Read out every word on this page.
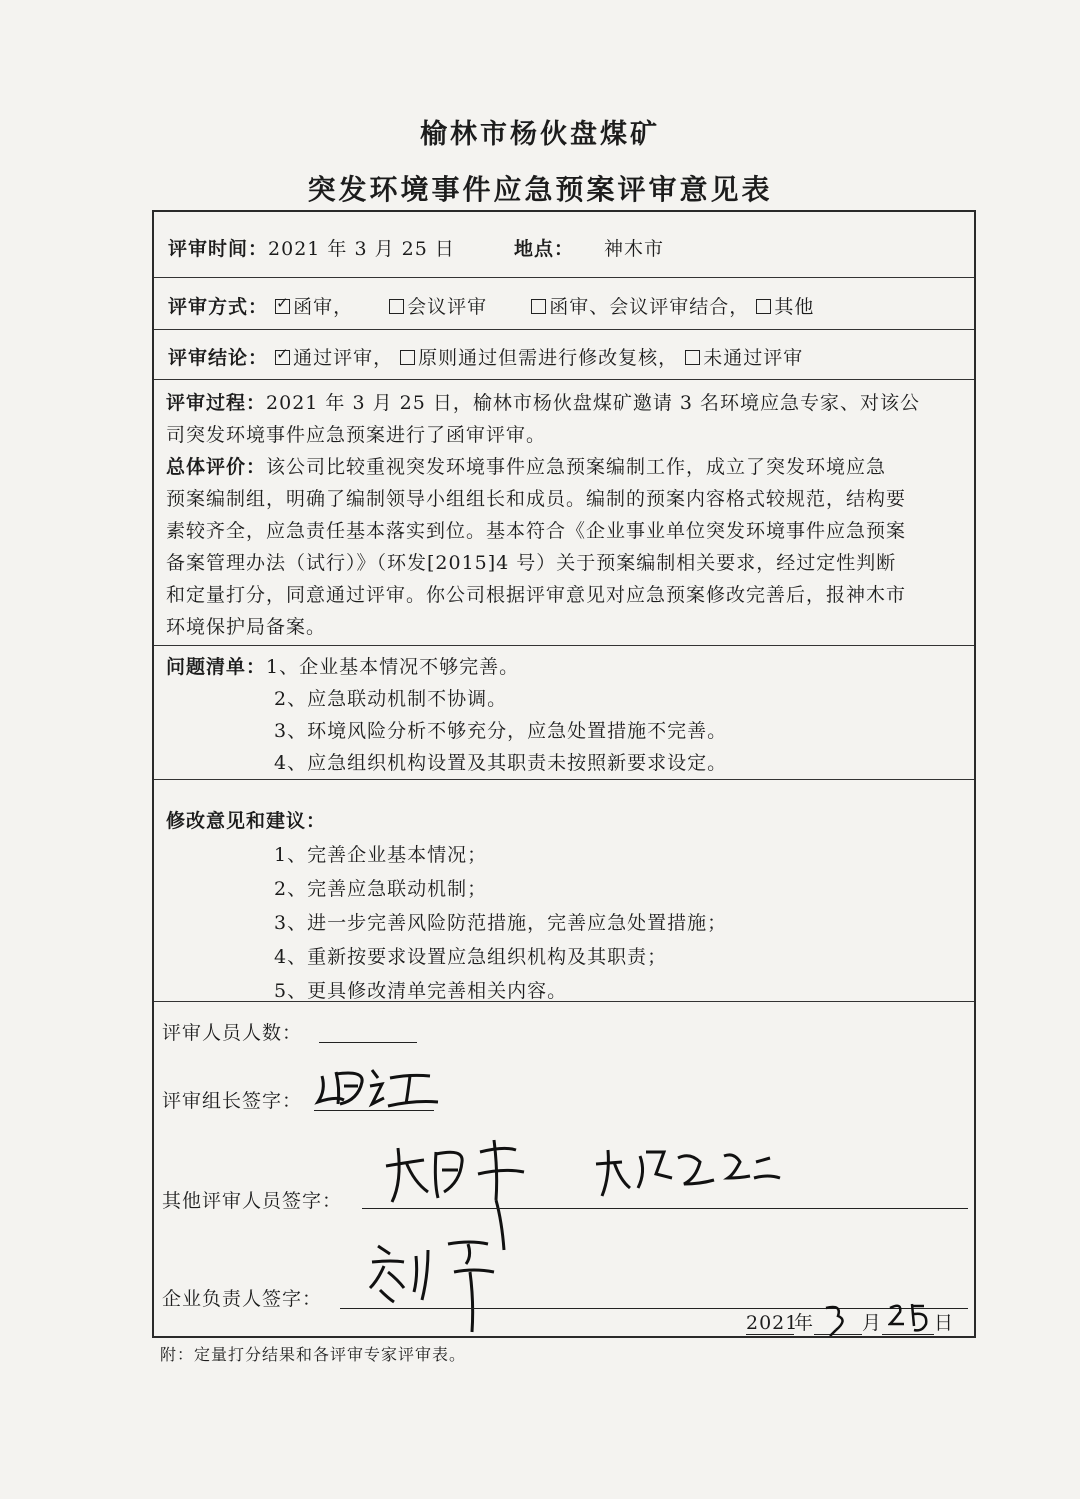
榆林市杨伙盘煤矿
突发环境事件应急预案评审意见表
评审时间：2021 年 3 月 25 日	地点： 神木市
评审方式： ✓ 函审，	会议评审	函审、会议评审结合， 其他
评审结论： ✓ 通过评审， 原则通过但需进行修改复核， 未通过评审
评审过程：2021 年 3 月 25 日，榆林市杨伙盘煤矿邀请 3 名环境应急专家、对该公
司突发环境事件应急预案进行了函审评审。
总体评价：该公司比较重视突发环境事件应急预案编制工作，成立了突发环境应急
预案编制组，明确了编制领导小组组长和成员。编制的预案内容格式较规范，结构要
素较齐全，应急责任基本落实到位。基本符合《企业事业单位突发环境事件应急预案
备案管理办法（试行）》（环发[2015]4 号）关于预案编制相关要求，经过定性判断
和定量打分，同意通过评审。你公司根据评审意见对应急预案修改完善后，报神木市
环境保护局备案。
问题清单：1、企业基本情况不够完善。
2、应急联动机制不协调。
3、环境风险分析不够充分，应急处置措施不完善。
4、应急组织机构设置及其职责未按照新要求设定。
修改意见和建议：
1、完善企业基本情况；
2、完善应急联动机制；
3、进一步完善风险防范措施，完善应急处置措施；
4、重新按要求设置应急组织机构及其职责；
5、更具修改清单完善相关内容。
评审人员人数：
评审组长签字：
其他评审人员签字：
企业负责人签字：
2021年	月	日
附：定量打分结果和各评审专家评审表。
